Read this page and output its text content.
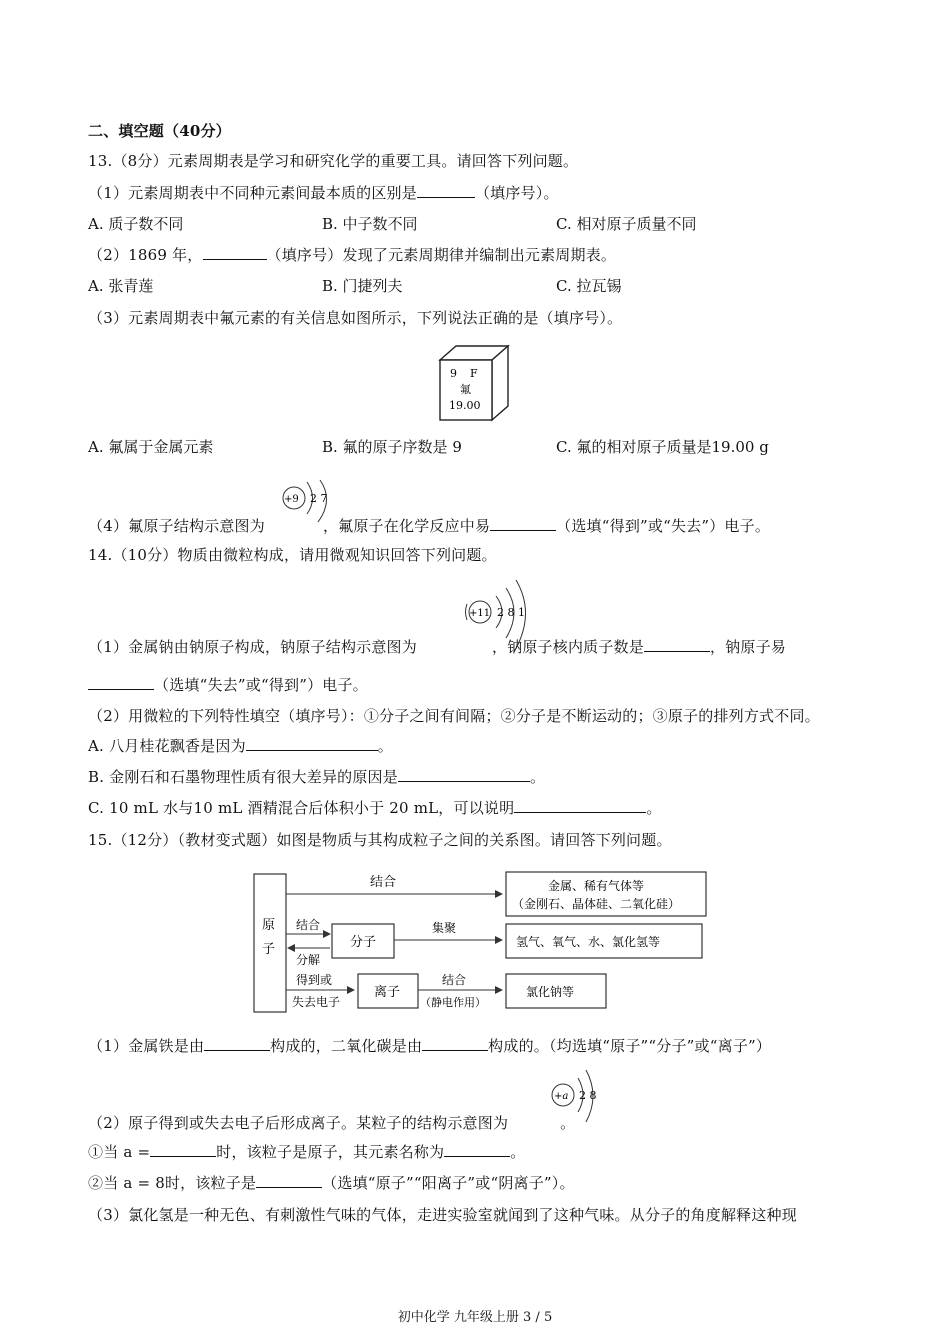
二、填空题（40分）
13.（8分）元素周期表是学习和研究化学的重要工具。请回答下列问题。
（1）元素周期表中不同种元素间最本质的区别是	（填序号）。
A. 质子数不同	B. 中子数不同	C. 相对原子质量不同
（2）1869 年，	（填序号）发现了元素周期律并编制出元素周期表。
A. 张青莲	B. 门捷列夫	C. 拉瓦锡
（3）元素周期表中氟元素的有关信息如图所示，下列说法正确的是（填序号）。
9 F
氟
19.00
A. 氟属于金属元素	B. 氟的原子序数是 9	C. 氟的相对原子质量是19.00 g
+9 2 7
（4）氟原子结构示意图为	，氟原子在化学反应中易	（选填“得到”或“失去”）电子。
14.（10分）物质由微粒构成，请用微观知识回答下列问题。
+11 2 8 1
（1）金属钠由钠原子构成，钠原子结构示意图为	，钠原子核内质子数是	，钠原子易
（选填“失去”或“得到”）电子。
（2）用微粒的下列特性填空（填序号）：①分子之间有间隔；②分子是不断运动的；③原子的排列方式不同。
A. 八月桂花飘香是因为	。
B. 金刚石和石墨物理性质有很大差异的原因是	。
C. 10 mL 水与10 mL 酒精混合后体积小于 20 mL，可以说明	。
15.（12分）（教材变式题）如图是物质与其构成粒子之间的关系图。请回答下列问题。
原
子
结合	金属、稀有气体等
（金刚石、晶体硅、二氧化硅）
结合
分解
分子
集聚
氢气、氧气、水、氯化氢等
得到或
失去电子
离子
结合
（静电作用）
氯化钠等
（1）金属铁是由	构成的，二氧化碳是由	构成的。（均选填“原子”“分子”或“离子”）
+a 2 8
（2）原子得到或失去电子后形成离子。某粒子的结构示意图为	。
①当 a =	时，该粒子是原子，其元素名称为	。
②当 a = 8时，该粒子是	（选填“原子”“阳离子”或“阴离子”）。
（3）氯化氢是一种无色、有刺激性气味的气体，走进实验室就闻到了这种气味。从分子的角度解释这种现
初中化学 九年级上册 3 / 5
